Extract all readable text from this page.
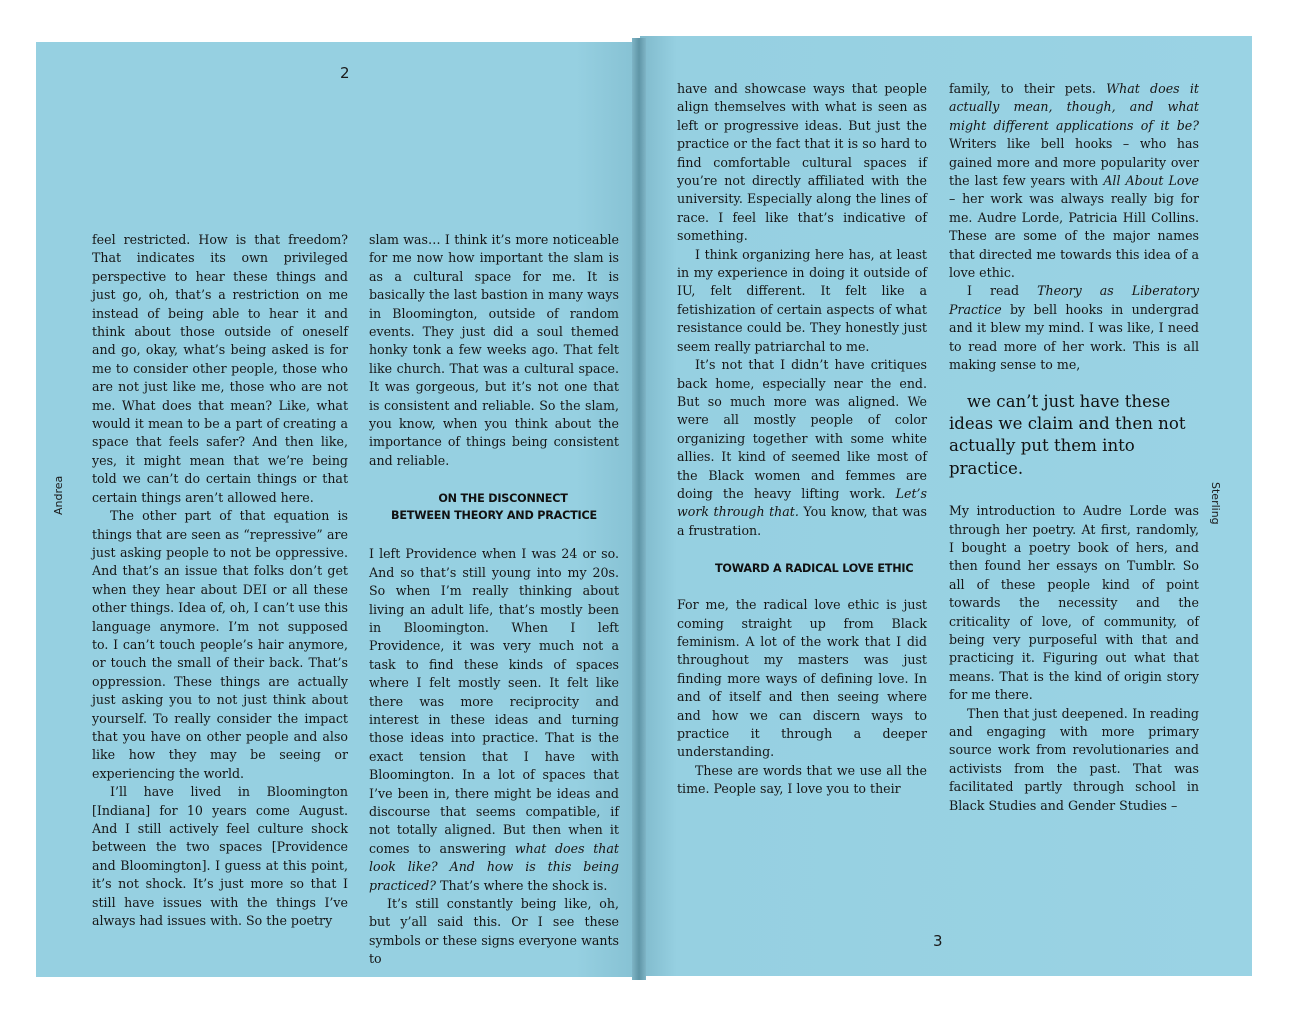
2
Andrea

feel restricted. How is that freedom? That indicates its own privileged perspective to hear these things and just go, oh, that’s a restriction on me instead of being able to hear it and think about those outside of oneself and go, okay, what’s being asked is for me to consider other people, those who are not just like me, those who are not me. What does that mean? Like, what would it mean to be a part of creating a space that feels safer? And then like, yes, it might mean that we’re being told we can’t do certain things or that certain things aren’t allowed here.

The other part of that equation is things that are seen as “repressive” are just asking people to not be oppressive. And that’s an issue that folks don’t get when they hear about DEI or all these other things. Idea of, oh, I can’t use this language anymore. I’m not supposed to. I can’t touch people’s hair anymore, or touch the small of their back. That’s oppression. These things are actually just asking you to not just think about yourself. To really consider the impact that you have on other people and also like how they may be seeing or experiencing the world.

I’ll have lived in Bloomington [Indiana] for 10 years come August. And I still actively feel culture shock between the two spaces [Providence and Bloomington]. I guess at this point, it’s not shock. It’s just more so that I still have issues with the things I’ve always had issues with. So the poetry

slam was… I think it’s more noticeable for me now how important the slam is as a cultural space for me. It is basically the last bastion in many ways in Bloomington, outside of random events. They just did a soul themed honky tonk a few weeks ago. That felt like church. That was a cultural space. It was gorgeous, but it’s not one that is consistent and reliable. So the slam, you know, when you think about the importance of things being consistent and reliable.

ON THE DISCONNECT
BETWEEN THEORY AND PRACTICE

I left Providence when I was 24 or so. And so that’s still young into my 20s. So when I’m really thinking about living an adult life, that’s mostly been in Bloomington. When I left Providence, it was very much not a task to find these kinds of spaces where I felt mostly seen. It felt like there was more reciprocity and interest in these ideas and turning those ideas into practice. That is the exact tension that I have with Bloomington. In a lot of spaces that I’ve been in, there might be ideas and discourse that seems compatible, if not totally aligned. But then when it comes to answering what does that look like? And how is this being practiced? That’s where the shock is.

It’s still constantly being like, oh, but y’all said this. Or I see these symbols or these signs everyone wants to

3
Sterling

have and showcase ways that people align themselves with what is seen as left or progressive ideas. But just the practice or the fact that it is so hard to find comfortable cultural spaces if you’re not directly affiliated with the university. Especially along the lines of race. I feel like that’s indicative of something.

I think organizing here has, at least in my experience in doing it outside of IU, felt different. It felt like a fetishization of certain aspects of what resistance could be. They honestly just seem really patriarchal to me.

It’s not that I didn’t have critiques back home, especially near the end. But so much more was aligned. We were all mostly people of color organizing together with some white allies. It kind of seemed like most of the Black women and femmes are doing the heavy lifting work. Let’s work through that. You know, that was a frustration.

TOWARD A RADICAL LOVE ETHIC

For me, the radical love ethic is just coming straight up from Black feminism. A lot of the work that I did throughout my masters was just finding more ways of defining love. In and of itself and then seeing where and how we can discern ways to practice it through a deeper understanding.

These are words that we use all the time. People say, I love you to their

family, to their pets. What does it actually mean, though, and what might different applications of it be? Writers like bell hooks – who has gained more and more popularity over the last few years with All About Love – her work was always really big for me. Audre Lorde, Patricia Hill Collins. These are some of the major names that directed me towards this idea of a love ethic.

I read Theory as Liberatory Practice by bell hooks in undergrad and it blew my mind. I was like, I need to read more of her work. This is all making sense to me,

we can’t just have these ideas we claim and then not actually put them into practice.

My introduction to Audre Lorde was through her poetry. At first, randomly, I bought a poetry book of hers, and then found her essays on Tumblr. So all of these people kind of point towards the necessity and the criticality of love, of community, of being very purposeful with that and practicing it. Figuring out what that means. That is the kind of origin story for me there.

Then that just deepened. In reading and engaging with more primary source work from revolutionaries and activists from the past. That was facilitated partly through school in Black Studies and Gender Studies –
